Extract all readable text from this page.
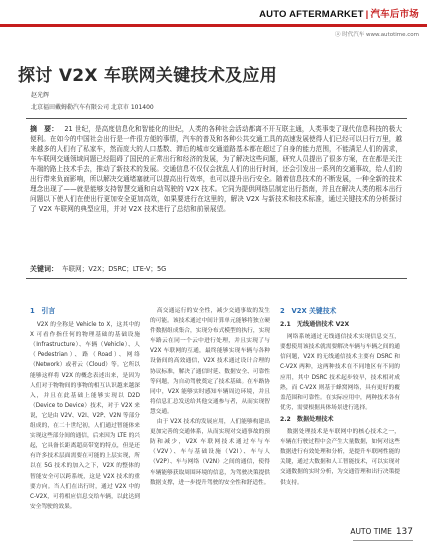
AUTO AFTERMARKET | 汽车后市场
ⓐ 时代汽车 www.autotime.com
探讨 V2X 车联网关键技术及应用
赵光辉
北京福田戴姆勒汽车有限公司 北京市 101400
摘　要： 21 世纪，是高度信息化和智能化的世纪，人类的各种社会活动都离不开互联主通，人类事变了现代信息科技的极大便利。在如今的中国社会出行是一件很方便的事情，汽车的普及和各种公共交通工具的高速发展使得人们已经可以日行万里，越来越多的人们有了私家车，然而庞大的人口基数、滞后的城市交通道路基本都在超过了自身的能力范围，不能满足人们的需求，车车联网交通领域问题已经阻碍了国民的正常出行和经济的发展，为了解决这些问题，研究人员提出了很多方案，在在都是关注车端的路上技术手去，推动了新技术的发展。交通信息不仅仅会扰乱人们的出行时间，还会引发出一系列的交通事故，给人们的出行带来负面影响，所以解决交通堵塞就可以提高出行效率，也可以提升出行安全。随着信息技术的不断发展，一种全新的技术理念出现了——就是能够支持智慧交通和自动驾驶的 V2X 技术。它同为提供网络层制定出行指南，并且在解决人类的根本出行问题以下使人们在使出行更加安全更加高效，如果要进行在这里的，解决 V2X 与新技术和技术标准，通过关键技术的分析探讨了 V2X 车联网的典型应用，并对 V2X 技术进行了总结和前景展望。
关键词： 车联网；V2X；DSRC；LTE-V；5G
1　引言

V2X 的全称是 Vehicle to X，这其中的 X 可看作指任何的物理基础的基础设施（Infrastructure）、车辆（Vehicle）、人（Pedestrian）、路（Road）、网络（Network）或者云（Cloud）等。它所以能够这样将 V2X 的概念表述出来，是因为人们对于物物间的事物的相互认识越来越深入，并且在此基础上能够实现以 D2D（Device to Device）技术，对于 V2X 来说，它是由 V2V、V2I、V2P、V2N 等部分组成的，在二十世纪初，人们通过智能体来实现这些部分间的通信，后来因为 LTE 的兴起，它具备长距离超高带宽的特点，但是还有许多技术层面需要在可能的上层实现，所以在 5G 技术的加入之下，V2X 的整体的智能安全可以跨系统，这是 V2X 技术的重要方向。当人们在出行时，通过 V2X 中的 C-V2X，可将相应信息交给车辆，以此达到安全驾驶的效果。

高交通运行的安全性，减少交通事故的发生的可能。该技术通过中间计算单元能够将独立硬件数据组成集合，实现分布式模型的执行，实现车路云在同一个云中进行处理，并且实现了与 V2X 车联网的互通，最终能够实现车辆与各种设备间的高效通信，V2X 技术通过设计合理的协议标准，解决了通信时延、数据安全、可靠性等问题，为自动驾驶奠定了技术基础。在车路协同中，V2X 能够实时感知车辆周边环境，并且将信息汇总发送给其他交通参与者，从而实现智慧交通。

由于 V2X 技术的发展应用，人们能够构建出更加完善的交通体系，从而实现对交通事故的预防和减少，V2X 车联网技术通过车与车（V2V）、车与基础设施（V2I）、车与人（V2P）、车与网络（V2N）之间的通信，使得车辆能够获取周围环境的信息，为驾驶决策提供数据支撑，进一步提升驾驶的安全性和舒适性。

2　V2X 关键技术
2.1　无线通信技术 V2X

网络系统通过无线通信技术实现信息交互，要想使用该技术就需要解决车辆与车辆之间的通信问题，V2X 的无线通信技术主要有 DSRC 和 C-V2X 两种，这两种技术在不同地区有不同的应用，其中 DSRC 技术起步较早，技术相对成熟，而 C-V2X 则基于蜂窝网络，具有更好的覆盖范围和可靠性。在实际应用中，两种技术各有优劣，需要根据具体场景进行选择。

2.2　数据处理技术

数据处理技术是车联网中的核心技术之一，车辆在行驶过程中会产生大量数据，如何对这些数据进行有效处理和分析，是提升车联网性能的关键，通过大数据和人工智能技术，可以实现对交通数据的实时分析，为交通管理和出行决策提供支持。

AUTO TIME 137
